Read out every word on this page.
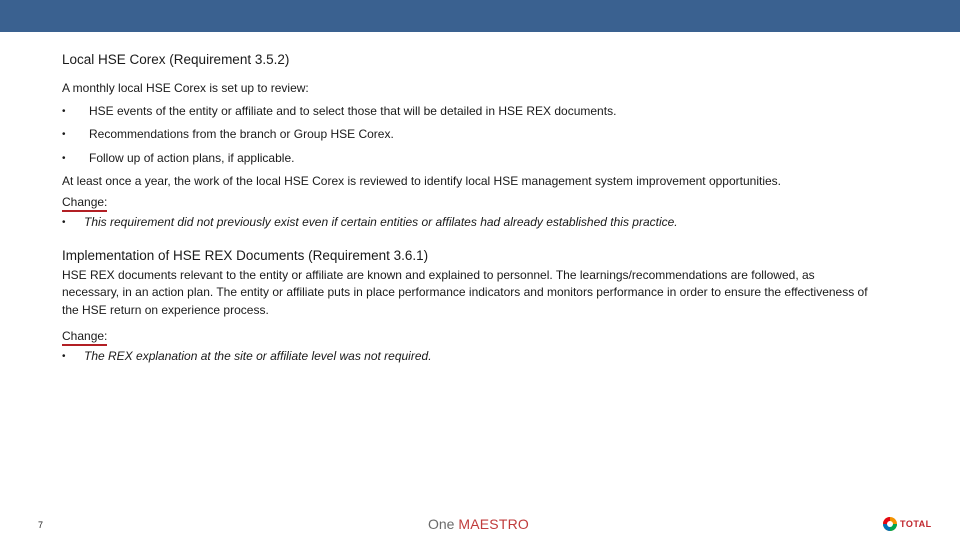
Local HSE Corex (Requirement 3.5.2)

A monthly local HSE Corex is set up to review:

• HSE events of the entity or affiliate and to select those that will be detailed in HSE REX documents.
• Recommendations from the branch or Group HSE Corex.
• Follow up of action plans, if applicable.

At least once a year, the work of the local HSE Corex is reviewed to identify local HSE management system improvement opportunities.

Change:

• This requirement did not previously exist even if certain entities or affilates had already established this practice.

Implementation of HSE REX Documents (Requirement 3.6.1)

HSE REX documents relevant to the entity or affiliate are known and explained to personnel. The learnings/recommendations are followed, as necessary, in an action plan. The entity or affiliate puts in place performance indicators and monitors performance in order to ensure the effectiveness of the HSE return on experience process.

Change:

• The REX explanation at the site or affiliate level was not required.
7	One MAESTRO	TOTAL
